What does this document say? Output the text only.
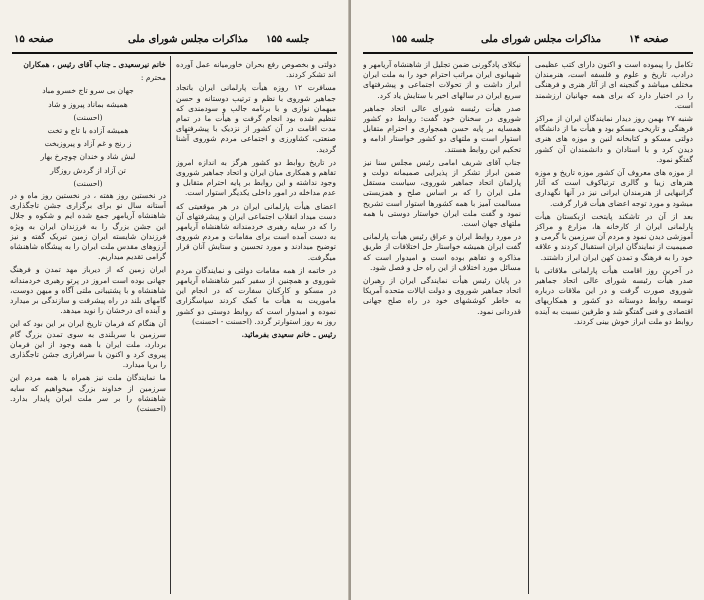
صفحه ۱۵	مذاکرات مجلس شورای ملی جلسه ۱۵۵

دولتی و بخصوص رفع بحران خاورمیانه عمل آورده اند تشکر کردند.

مسافرت ۱۲ روزه هیأت پارلمانی ایران باتجاد جماهیر شوروی با نظم و ترتیب دوستانه و حسن میهمان نوازی و با برنامه جالب و سودمندی که تنظیم شده بود انجام گرفت و هیأت ما در تمام مدت اقامت در آن کشور از نزدیک با پیشرفتهای صنعتی، کشاورزی و اجتماعی مردم شوروی آشنا گردید.

در تاریخ روابط دو کشور هرگز به اندازه امروز تفاهم و همکاری میان ایران و اتحاد جماهیر شوروی وجود نداشته و این روابط بر پایه احترام متقابل و عدم مداخله در امور داخلی یکدیگر استوار است.

اعضای هیأت پارلمانی ایران در هر موقعیتی که دست میداد انقلاب اجتماعی ایران و پیشرفتهای آن را که در سایه رهبری خردمندانه شاهنشاه آریامهر به دست آمده است برای مقامات و مردم شوروی توضیح میدادند و مورد تحسین و ستایش آنان قرار میگرفت.

در خاتمه از همه مقامات دولتی و نمایندگان مردم شوروی و همچنین از سفیر کبیر شاهنشاه آریامهر در مسکو و کارکنان سفارت که در انجام این ماموریت به هیأت ما کمک کردند سپاسگزاری نموده و امیدوار است که روابط دوستی دو کشور روز به روز استوارتر گردد. (احسنت - احسنت)

رئیس ـ خانم سعیدی بفرمائید.

خانم نیرسعیدی ـ جناب آقای رئیس ، همکاران

محترم :

جهان بی سرو تاج خسرو مباد
همیشه بماناد پیروز و شاد
(احسنت)
همیشه آزاده با تاج و تخت
ز رنج و غم آزاد و پیروزبخت
لبش شاد و خندان چوچرخ بهار
تن آزاد از گردش روزگار
(احسنت)

در نخستین روز هفته ، در نخستین روز ماه و در آستانه سال نو برای برگزاری جشن تاجگذاری شاهنشاه آریامهر جمع شده ایم و شکوه و جلال این جشن بزرگ را به فرزندان ایران به ویژه فرزندان شایسته ایران زمین تبریک گفته و نیز آرزوهای مقدس ملت ایران را به پیشگاه شاهنشاه گرامی تقدیم میداریم.

ایران زمین که از دیرباز مهد تمدن و فرهنگ جهانی بوده است امروز در پرتو رهبری خردمندانه شاهنشاه و با پشتیبانی ملتی آگاه و میهن دوست، گامهای بلند در راه پیشرفت و سازندگی بر میدارد و آینده ای درخشان را نوید میدهد.

آن هنگام که فرمان تاریخ ایران بر این بود که این سرزمین با سربلندی به سوی تمدن بزرگ گام بردارد، ملت ایران با همه وجود از این فرمان پیروی کرد و اکنون با سرافرازی جشن تاجگذاری را برپا میدارد.

ما نمایندگان ملت نیز همراه با همه مردم این سرزمین از خداوند بزرگ میخواهیم که سایه شاهنشاه را بر سر ملت ایران پایدار بدارد. (احسنت)

جلسه ۱۵۵	مذاکرات مجلس شورای ملی	صفحه ۱۴

تکامل را پیموده است و اکنون دارای کتب عظیمی درادب، تاریخ و علوم و فلسفه است، هنرمندان مختلف میباشد و گنجینه ای از آثار هنری و فرهنگی را در اختیار دارد که برای همه جهانیان ارزشمند است.

شنبه ۲۷ بهمن روز دیدار نمایندگان ایران از مراکز فرهنگی و تاریخی مسکو بود و هیأت ما از دانشگاه دولتی مسکو و کتابخانه لنین و موزه های هنری دیدن کرد و با استادان و دانشمندان آن کشور گفتگو نمود.

از موزه های معروف آن کشور موزه تاریخ و موزه هنرهای زیبا و گالری ترتیاکوف است که آثار گرانبهایی از هنرمندان ایرانی نیز در آنها نگهداری میشود و مورد توجه اعضای هیأت قرار گرفت.

بعد از آن در تاشکند پایتخت ازبکستان هیأت پارلمانی ایران از کارخانه ها، مزارع و مراکز آموزشی دیدن نمود و مردم آن سرزمین با گرمی و صمیمیت از نمایندگان ایران استقبال کردند و علاقه خود را به فرهنگ و تمدن کهن ایران ابراز داشتند.

در آخرین روز اقامت هیأت پارلمانی ملاقاتی با صدر هیأت رئیسه شورای عالی اتحاد جماهیر شوروی صورت گرفت و در این ملاقات درباره توسعه روابط دوستانه دو کشور و همکاریهای اقتصادی و فنی گفتگو شد و طرفین نسبت به آینده روابط دو ملت ابراز خوش بینی کردند.

نیکلای پادگورنی ضمن تجلیل از شاهنشاه آریامهر و شهبانوی ایران مراتب احترام خود را به ملت ایران ابراز داشت و از تحولات اجتماعی و پیشرفتهای سریع ایران در سالهای اخیر با ستایش یاد کرد.

صدر هیأت رئیسه شورای عالی اتحاد جماهیر شوروی در سخنان خود گفت: روابط دو کشور همسایه بر پایه حسن همجواری و احترام متقابل استوار است و ملتهای دو کشور خواستار ادامه و تحکیم این روابط هستند.

جناب آقای شریف امامی رئیس مجلس سنا نیز ضمن ابراز تشکر از پذیرایی صمیمانه دولت و پارلمان اتحاد جماهیر شوروی، سیاست مستقل ملی ایران را که بر اساس صلح و همزیستی مسالمت آمیز با همه کشورها استوار است تشریح نمود و گفت ملت ایران خواستار دوستی با همه ملتهای جهان است.

در مورد روابط ایران و عراق رئیس هیأت پارلمانی گفت ایران همیشه خواستار حل اختلافات از طریق مذاکره و تفاهم بوده است و امیدوار است که مسائل مورد اختلاف از این راه حل و فصل شود.

در پایان رئیس هیأت نمایندگی ایران از رهبران اتحاد جماهیر شوروی و دولت ایالات متحده آمریکا به خاطر کوششهای خود در راه صلح جهانی قدردانی نمود.
